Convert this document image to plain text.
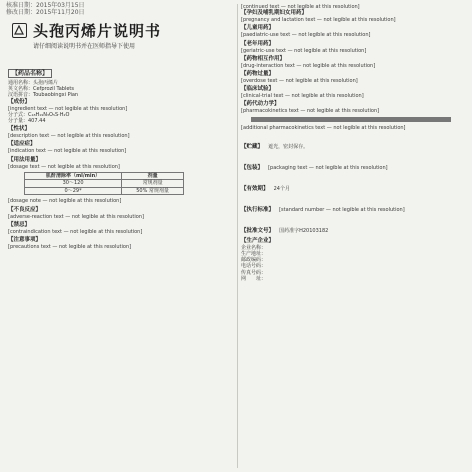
核准日期：2015年03月15日
修改日期：2015年11月20日
头孢丙烯片说明书
请仔细阅读说明书并在医师指导下使用
【药品名称】
通用名称：头孢丙烯片
英文名称：Cefprozil Tablets
汉语拼音：Toubaobingxi Pian
【成份】
[ingredient text — not legible at this resolution]
分子式：C₁₈H₁₉N₃O₅S·H₂O
分子量：407.44
【性状】
[description text — not legible at this resolution]
【适应症】
[indication text — not legible at this resolution]
【用法用量】
[dosage text — not legible at this resolution]
肌酐清除率（ml/min）	剂量
30～120	常规剂量
0～29*	50% 常规剂量
[dosage note — not legible at this resolution]
【不良反应】
[adverse-reaction text — not legible at this resolution]
【禁忌】
[contraindication text — not legible at this resolution]
【注意事项】
[precautions text — not legible at this resolution]
[continued text — not legible at this resolution]
【孕妇及哺乳期妇女用药】
[pregnancy and lactation text — not legible at this resolution]
【儿童用药】
[paediatric-use text — not legible at this resolution]
【老年用药】
[geriatric-use text — not legible at this resolution]
【药物相互作用】
[drug-interaction text — not legible at this resolution]
【药物过量】
[overdose text — not legible at this resolution]
【临床试验】
[clinical-trial text — not legible at this resolution]
【药代动力学】
[pharmacokinetics text — not legible at this resolution]

[additional pharmacokinetics text — not legible at this resolution]
【贮藏】 遮光，密封保存。
【包装】 [packaging text — not legible at this resolution]
【有效期】 24个月
【执行标准】 [standard number — not legible at this resolution]
【批准文号】 国药准字H20103182
【生产企业】
企业名称：
生产地址：
邮政编码：
电话号码：
传真号码：
网　　址：
